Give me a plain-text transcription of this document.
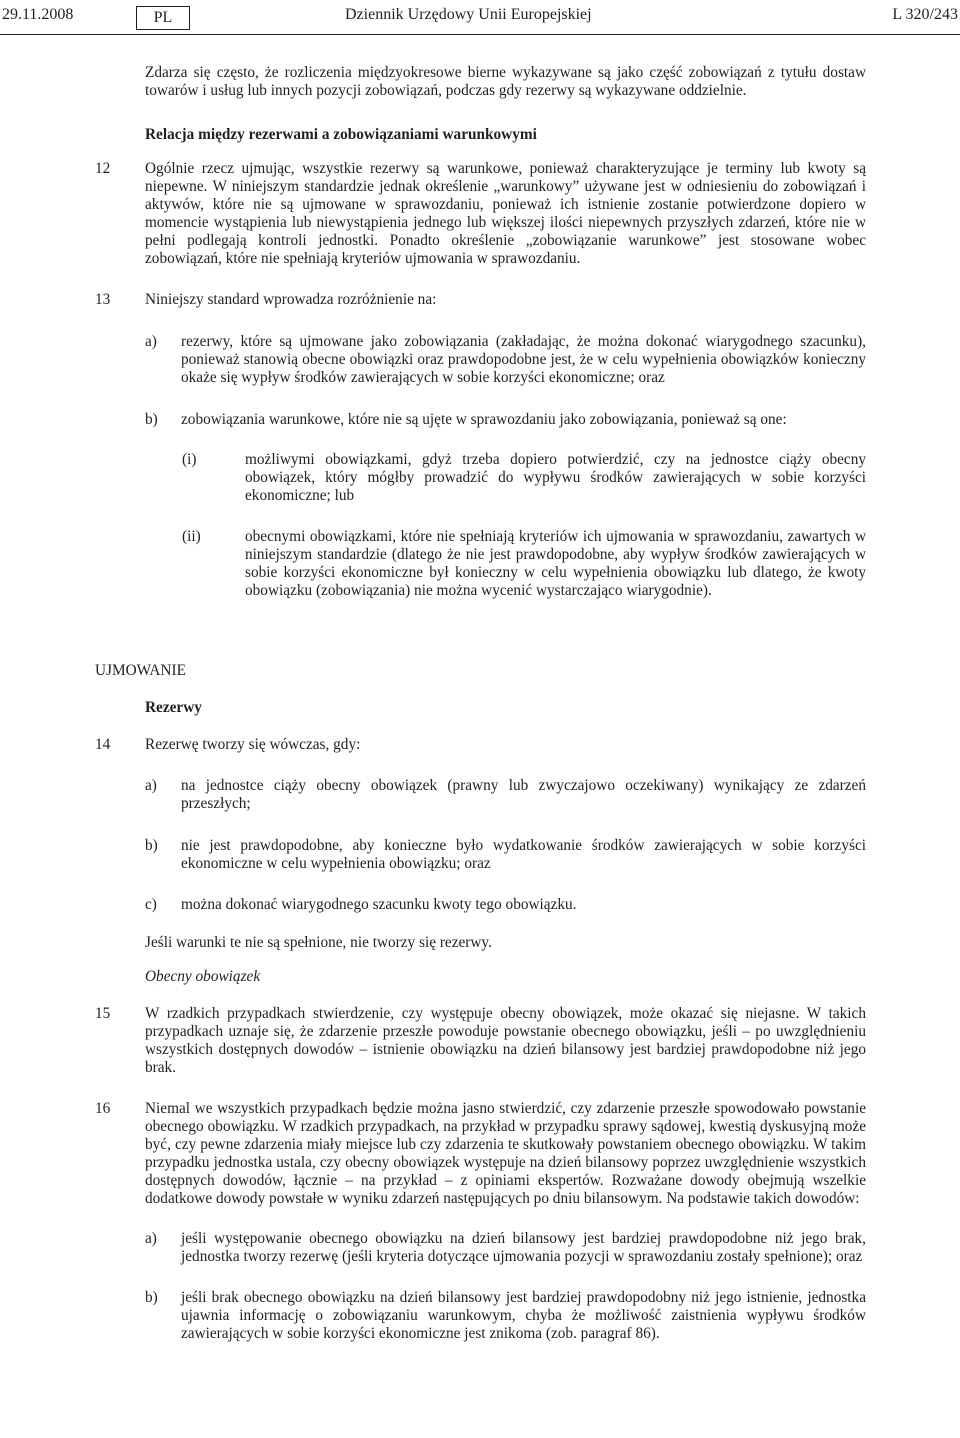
29.11.2008	PL	Dziennik Urzędowy Unii Europejskiej	L 320/243
Zdarza się często, że rozliczenia międzyokresowe bierne wykazywane są jako część zobowiązań z tytułu dostaw towarów i usług lub innych pozycji zobowiązań, podczas gdy rezerwy są wykazywane oddzielnie.
Relacja między rezerwami a zobowiązaniami warunkowymi
12 Ogólnie rzecz ujmując, wszystkie rezerwy są warunkowe, ponieważ charakteryzujące je terminy lub kwoty są niepewne. W niniejszym standardzie jednak określenie „warunkowy” używane jest w odniesieniu do zobowiązań i aktywów, które nie są ujmowane w sprawozdaniu, ponieważ ich istnienie zostanie potwierdzone dopiero w momencie wystąpienia lub niewystąpienia jednego lub większej ilości niepewnych przyszłych zdarzeń, które nie w pełni podlegają kontroli jednostki. Ponadto określenie „zobowiązanie warunkowe” jest stosowane wobec zobowiązań, które nie spełniają kryteriów ujmowania w sprawozdaniu.
13 Niniejszy standard wprowadza rozróżnienie na:
a) rezerwy, które są ujmowane jako zobowiązania (zakładając, że można dokonać wiarygodnego szacunku), ponieważ stanowią obecne obowiązki oraz prawdopodobne jest, że w celu wypełnienia obowiązków konieczny okaże się wypływ środków zawierających w sobie korzyści ekonomiczne; oraz
b) zobowiązania warunkowe, które nie są ujęte w sprawozdaniu jako zobowiązania, ponieważ są one:
(i)	możliwymi obowiązkami, gdyż trzeba dopiero potwierdzić, czy na jednostce ciąży obecny obowiązek, który mógłby prowadzić do wypływu środków zawierających w sobie korzyści ekonomiczne; lub
(ii)	obecnymi obowiązkami, które nie spełniają kryteriów ich ujmowania w sprawozdaniu, zawartych w niniejszym standardzie (dlatego że nie jest prawdopodobne, aby wypływ środków zawierających w sobie korzyści ekonomiczne był konieczny w celu wypełnienia obowiązku lub dlatego, że kwoty obowiązku (zobowiązania) nie można wycenić wystarczająco wiarygodnie).
UJMOWANIE
Rezerwy
14 Rezerwę tworzy się wówczas, gdy:
a) na jednostce ciąży obecny obowiązek (prawny lub zwyczajowo oczekiwany) wynikający ze zdarzeń przeszłych;
b) nie jest prawdopodobne, aby konieczne było wydatkowanie środków zawierających w sobie korzyści ekonomiczne w celu wypełnienia obowiązku; oraz
c) można dokonać wiarygodnego szacunku kwoty tego obowiązku.
Jeśli warunki te nie są spełnione, nie tworzy się rezerwy.
Obecny obowiązek
15 W rzadkich przypadkach stwierdzenie, czy występuje obecny obowiązek, może okazać się niejasne. W takich przypadkach uznaje się, że zdarzenie przeszłe powoduje powstanie obecnego obowiązku, jeśli – po uwzględnieniu wszystkich dostępnych dowodów – istnienie obowiązku na dzień bilansowy jest bardziej prawdopodobne niż jego brak.
16 Niemal we wszystkich przypadkach będzie można jasno stwierdzić, czy zdarzenie przeszłe spowodowało powstanie obecnego obowiązku. W rzadkich przypadkach, na przykład w przypadku sprawy sądowej, kwestią dyskusyjną może być, czy pewne zdarzenia miały miejsce lub czy zdarzenia te skutkowały powstaniem obecnego obowiązku. W takim przypadku jednostka ustala, czy obecny obowiązek występuje na dzień bilansowy poprzez uwzględnienie wszystkich dostępnych dowodów, łącznie – na przykład – z opiniami ekspertów. Rozważane dowody obejmują wszelkie dodatkowe dowody powstałe w wyniku zdarzeń następujących po dniu bilansowym. Na podstawie takich dowodów:
a) jeśli występowanie obecnego obowiązku na dzień bilansowy jest bardziej prawdopodobne niż jego brak, jednostka tworzy rezerwę (jeśli kryteria dotyczące ujmowania pozycji w sprawozdaniu zostały spełnione); oraz
b) jeśli brak obecnego obowiązku na dzień bilansowy jest bardziej prawdopodobny niż jego istnienie, jednostka ujawnia informację o zobowiązaniu warunkowym, chyba że możliwość zaistnienia wypływu środków zawierających w sobie korzyści ekonomiczne jest znikoma (zob. paragraf 86).
